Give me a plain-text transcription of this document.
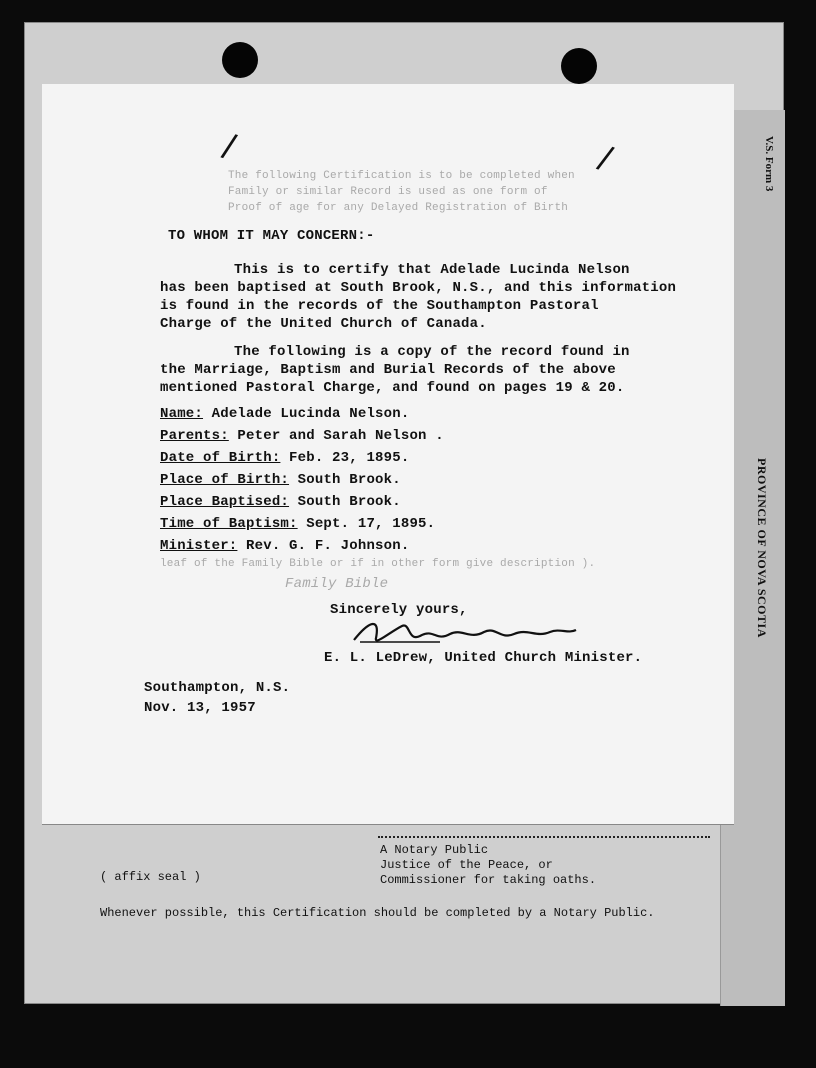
V.S. Form 3
PROVINCE OF NOVA SCOTIA
The following Certification is to be completed when
Family or similar Record is used as one form of
Proof of age for any Delayed Registration of Birth
leaf of the Family Bible or if in other form give description ).
Family Bible
/	/
TO WHOM IT MAY CONCERN:-
This is to certify that Adelade Lucinda Nelson
has been baptised at South Brook, N.S., and this information
is found in the records of the Southampton Pastoral
Charge of the United Church of Canada.
The following is a copy of the record found in
the Marriage, Baptism and Burial Records of the above
mentioned Pastoral Charge, and found on pages 19 & 20.
Name: Adelade Lucinda Nelson.
Parents: Peter and Sarah Nelson .
Date of Birth: Feb. 23, 1895.
Place of Birth: South Brook.
Place Baptised: South Brook.
Time of Baptism: Sept. 17, 1895.
Minister: Rev. G. F. Johnson.
Sincerely yours,
E. L. LeDrew, United Church Minister.
Southampton, N.S.
Nov. 13, 1957
A Notary Public
Justice of the Peace, or
Commissioner for taking oaths.
( affix seal )
Whenever possible, this Certification should be completed by a Notary Public.
